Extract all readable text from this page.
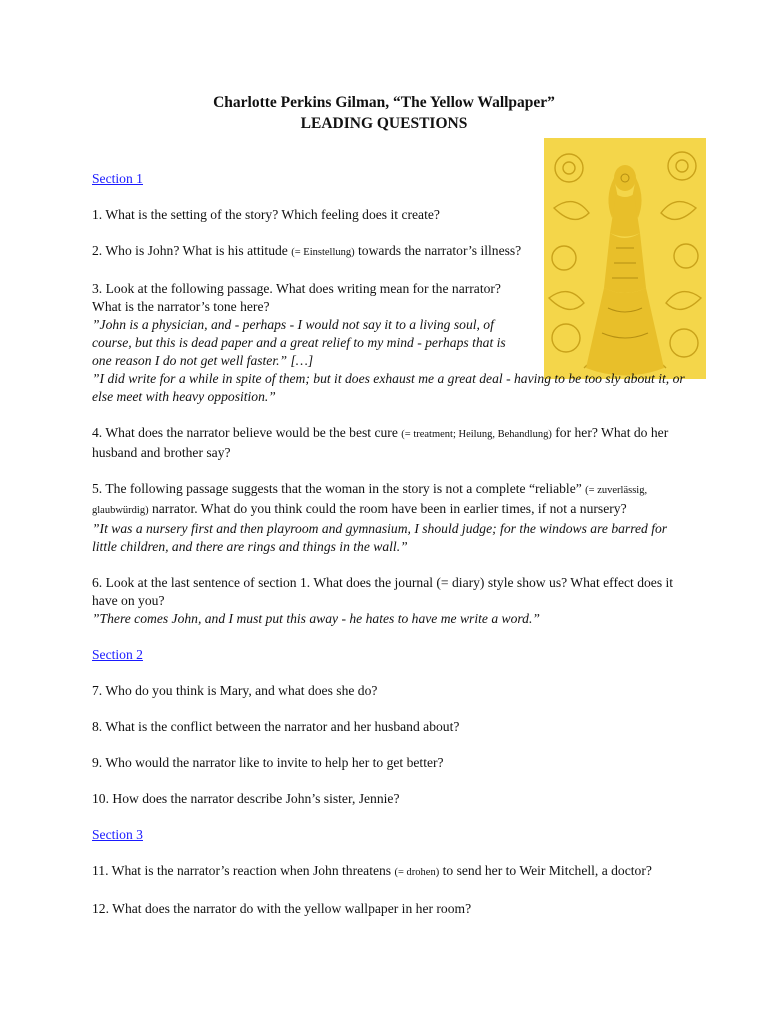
Charlotte Perkins Gilman, “The Yellow Wallpaper”
LEADING QUESTIONS
Section 1

1. What is the setting of the story? Which feeling does it create?

2. Who is John? What is his attitude (= Einstellung) towards the narrator’s illness?

3. Look at the following passage. What does writing mean for the narrator? What is the narrator’s tone here?
”John is a physician, and - perhaps - I would not say it to a living soul, of course, but this is dead paper and a great relief to my mind - perhaps that is one reason I do not get well faster.” […]
”I did write for a while in spite of them; but it does exhaust me a great deal - having to be too sly about it, or else meet with heavy opposition.”

4. What does the narrator believe would be the best cure (= treatment; Heilung, Behandlung) for her? What do her husband and brother say?

5. The following passage suggests that the woman in the story is not a complete “reliable” (= zuverlässig, glaubwürdig) narrator. What do you think could the room have been in earlier times, if not a nursery?
”It was a nursery first and then playroom and gymnasium, I should judge; for the windows are barred for little children, and there are rings and things in the wall.”
6. Look at the last sentence of section 1. What does the journal (= diary) style show us? What effect does it have on you?
”There comes John, and I must put this away - he hates to have me write a word.”
Section 2

7. Who do you think is Mary, and what does she do?

8. What is the conflict between the narrator and her husband about?

9. Who would the narrator like to invite to help her to get better?

10. How does the narrator describe John’s sister, Jennie?

Section 3

11. What is the narrator’s reaction when John threatens (= drohen) to send her to Weir Mitchell, a doctor?

12. What does the narrator do with the yellow wallpaper in her room?
